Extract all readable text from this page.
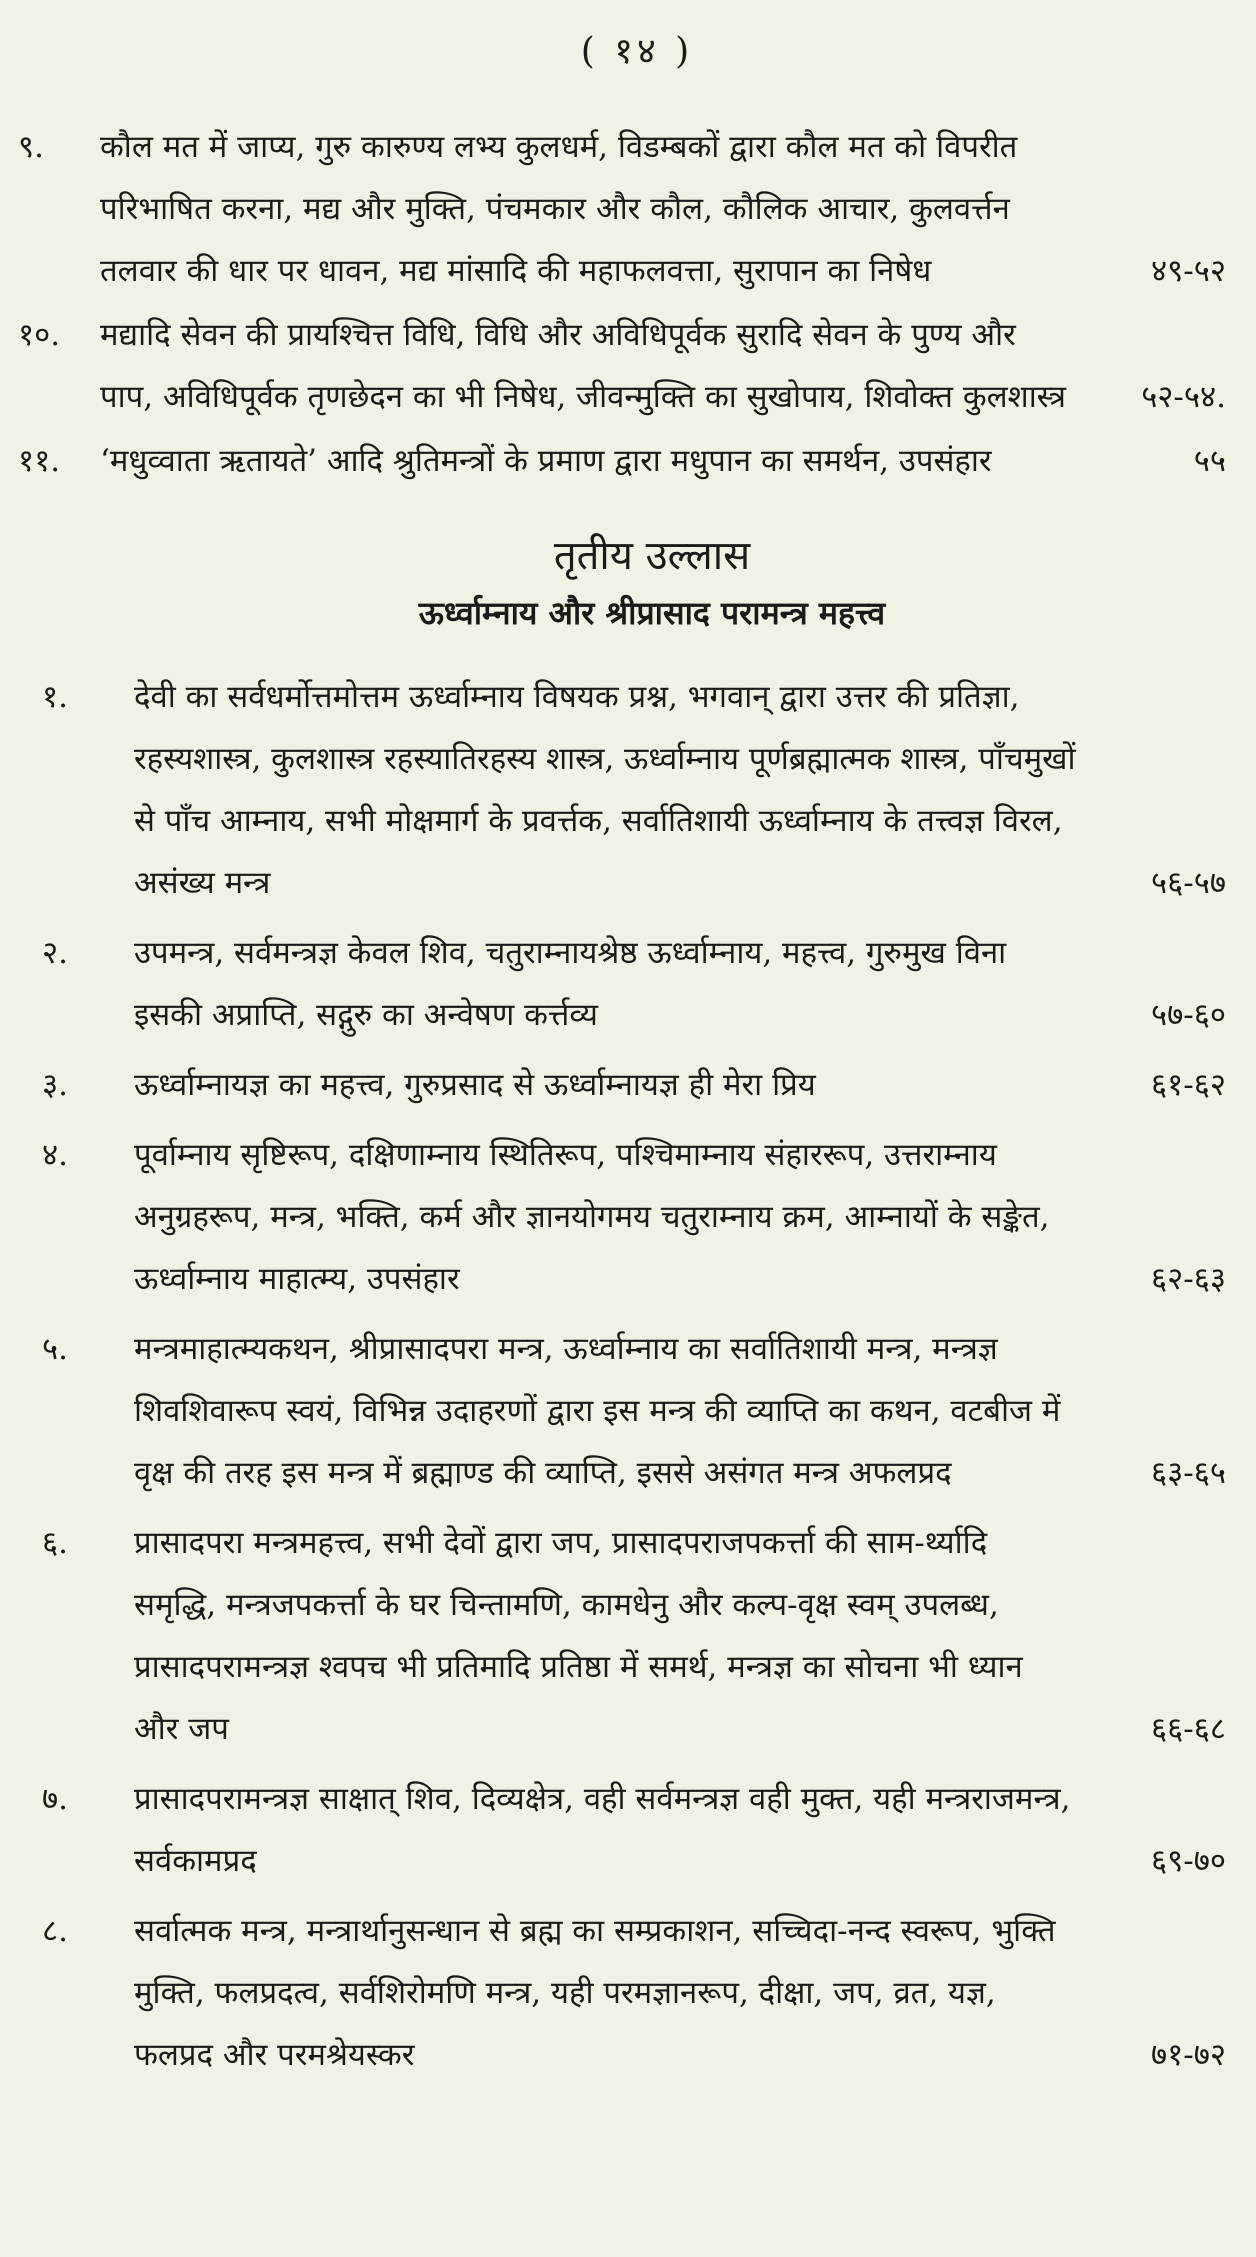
( १४ )
९.	कौल मत में जाप्य, गुरु कारुण्य लभ्य कुलधर्म, विडम्बकों द्वारा कौल मत को विपरीत परिभाषित करना, मद्य और मुक्ति, पंचमकार और कौल, कौलिक आचार, कुलवर्त्तन तलवार की धार पर धावन, मद्य मांसादि की महाफलवत्ता, सुरापान का निषेध	४९-५२
१०.	मद्यादि सेवन की प्रायश्चित्त विधि, विधि और अविधिपूर्वक सुरादि सेवन के पुण्य और पाप, अविधिपूर्वक तृणछेदन का भी निषेध, जीवन्मुक्ति का सुखोपाय, शिवोक्त कुलशास्त्र	५२-५४.
११.	‘मधुव्वाता ऋतायते’ आदि श्रुतिमन्त्रों के प्रमाण द्वारा मधुपान का समर्थन, उपसंहार	५५
तृतीय उल्लास
ऊर्ध्वाम्नाय और श्रीप्रासाद परामन्त्र महत्त्व
१.	देवी का सर्वधर्मोत्तमोत्तम ऊर्ध्वाम्नाय विषयक प्रश्न, भगवान् द्वारा उत्तर की प्रतिज्ञा, रहस्यशास्त्र, कुलशास्त्र रहस्यातिरहस्य शास्त्र, ऊर्ध्वाम्नाय पूर्णब्रह्मात्मक शास्त्र, पाँचमुखों से पाँच आम्नाय, सभी मोक्षमार्ग के प्रवर्त्तक, सर्वातिशायी ऊर्ध्वाम्नाय के तत्त्वज्ञ विरल, असंख्य मन्त्र	५६-५७
२.	उपमन्त्र, सर्वमन्त्रज्ञ केवल शिव, चतुराम्नायश्रेष्ठ ऊर्ध्वाम्नाय, महत्त्व, गुरुमुख विना इसकी अप्राप्ति, सद्गुरु का अन्वेषण कर्त्तव्य	५७-६०
३.	ऊर्ध्वाम्नायज्ञ का महत्त्व, गुरुप्रसाद से ऊर्ध्वाम्नायज्ञ ही मेरा प्रिय	६१-६२
४.	पूर्वाम्नाय सृष्टिरूप, दक्षिणाम्नाय स्थितिरूप, पश्चिमाम्नाय संहाररूप, उत्तराम्नाय अनुग्रहरूप, मन्त्र, भक्ति, कर्म और ज्ञानयोगमय चतुराम्नाय क्रम, आम्नायों के सङ्केत, ऊर्ध्वाम्नाय माहात्म्य, उपसंहार	६२-६३
५.	मन्त्रमाहात्म्यकथन, श्रीप्रासादपरा मन्त्र, ऊर्ध्वाम्नाय का सर्वातिशायी मन्त्र, मन्त्रज्ञ शिवशिवारूप स्वयं, विभिन्न उदाहरणों द्वारा इस मन्त्र की व्याप्ति का कथन, वटबीज में वृक्ष की तरह इस मन्त्र में ब्रह्माण्ड की व्याप्ति, इससे असंगत मन्त्र अफलप्रद	६३-६५
६.	प्रासादपरा मन्त्रमहत्त्व, सभी देवों द्वारा जप, प्रासादपराजपकर्त्ता की साम-र्थ्यादि समृद्धि, मन्त्रजपकर्त्ता के घर चिन्तामणि, कामधेनु और कल्प-वृक्ष स्वम् उपलब्ध, प्रासादपरामन्त्रज्ञ श्वपच भी प्रतिमादि प्रतिष्ठा में समर्थ, मन्त्रज्ञ का सोचना भी ध्यान और जप	६६-६८
७.	प्रासादपरामन्त्रज्ञ साक्षात् शिव, दिव्यक्षेत्र, वही सर्वमन्त्रज्ञ वही मुक्त, यही मन्त्रराजमन्त्र, सर्वकामप्रद	६९-७०
८.	सर्वात्मक मन्त्र, मन्त्रार्थानुसन्धान से ब्रह्म का सम्प्रकाशन, सच्चिदा-नन्द स्वरूप, भुक्ति मुक्ति, फलप्रदत्व, सर्वशिरोमणि मन्त्र, यही परमज्ञानरूप, दीक्षा, जप, व्रत, यज्ञ, फलप्रद और परमश्रेयस्कर	७१-७२
